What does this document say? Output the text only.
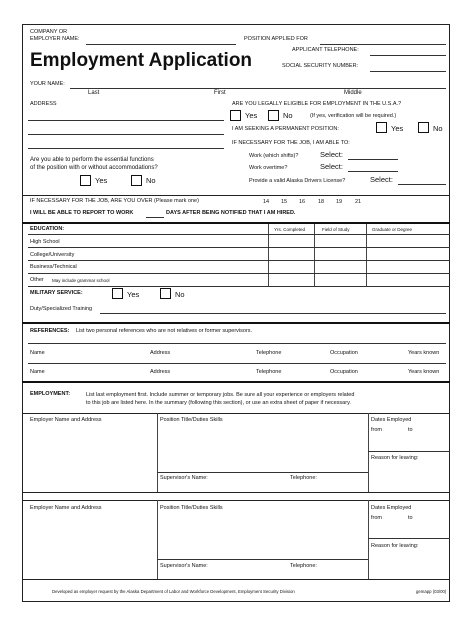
COMPANY OR
EMPLOYER NAME:	POSITION APPLIED FOR
Employment Application	APPLICANT TELEPHONE:
SOCIAL SECURITY NUMBER:
YOUR NAME:
Last	First	Middle
ADDRESS	ARE YOU LEGALLY ELIGIBLE FOR EMPLOYMENT IN THE U.S.A.?
Yes	No	(If yes, verification will be required.)
I AM SEEKING A PERMANENT POSITION:	Yes	No
IF NECESSARY FOR THE JOB, I AM ABLE TO:
Work (which shifts)?	Select:
Work overtime?	Select:
Provide a valid Alaska Drivers License?	Select:
Are you able to perform the essential functions
of the position with or without accommodations?
Yes	No
IF NECESSARY FOR THE JOB, ARE YOU OVER (Please mark one)	14 15 16 18 19 21
I WILL BE ABLE TO REPORT TO WORK	DAYS AFTER BEING NOTIFIED THAT I AM HIRED.
EDUCATION:	Yrs. Completed	Field of Study	Graduate or Degree
High School
College/University
Business/Technical
Other May include grammar school
MILITARY SERVICE:	Yes	No
Duty/Specialized Training
REFERENCES: List two personal references who are not relatives or former supervisors.
Name	Address	Telephone	Occupation	Years known
Name	Address	Telephone	Occupation	Years known
EMPLOYMENT:	List last employment first. Include summer or temporary jobs. Be sure all your experience or employers related
to this job are listed here. In the summary (following this section), or use an extra sheet of paper if necessary.
Employer Name and Address	Position Title/Duties Skills	Dates Employed
from	to
Reason for leaving:
Supervisor's Name:	Telephone:
Employer Name and Address	Position Title/Duties Skills	Dates Employed
from	to
Reason for leaving:
Supervisor's Name:	Telephone:
Developed as employer request by the Alaska Department of Labor and Workforce Development, Employment Security Division	gemapp (03/00)
